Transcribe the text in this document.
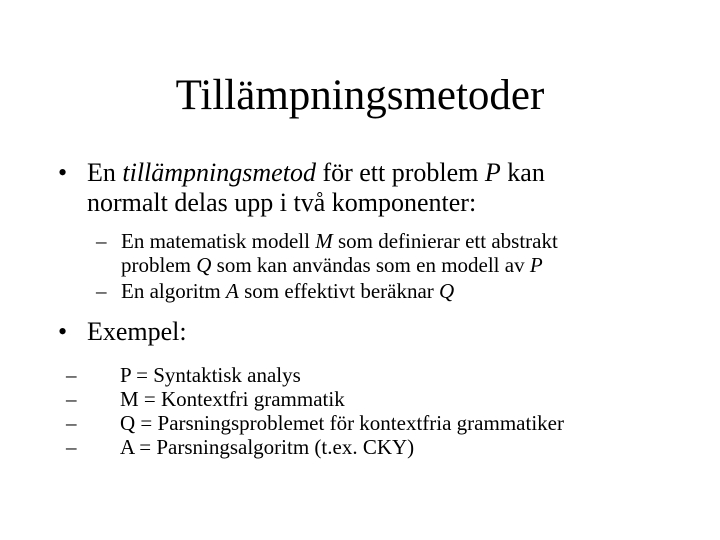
Tillämpningsmetoder
• En tillämpningsmetod för ett problem P kan
normalt delas upp i två komponenter:
– En matematisk modell M som definierar ett abstrakt
problem Q som kan användas som en modell av P
– En algoritm A som effektivt beräknar Q
• Exempel:
– P = Syntaktisk analys
– M = Kontextfri grammatik
– Q = Parsningsproblemet för kontextfria grammatiker
– A = Parsningsalgoritm (t.ex. CKY)
